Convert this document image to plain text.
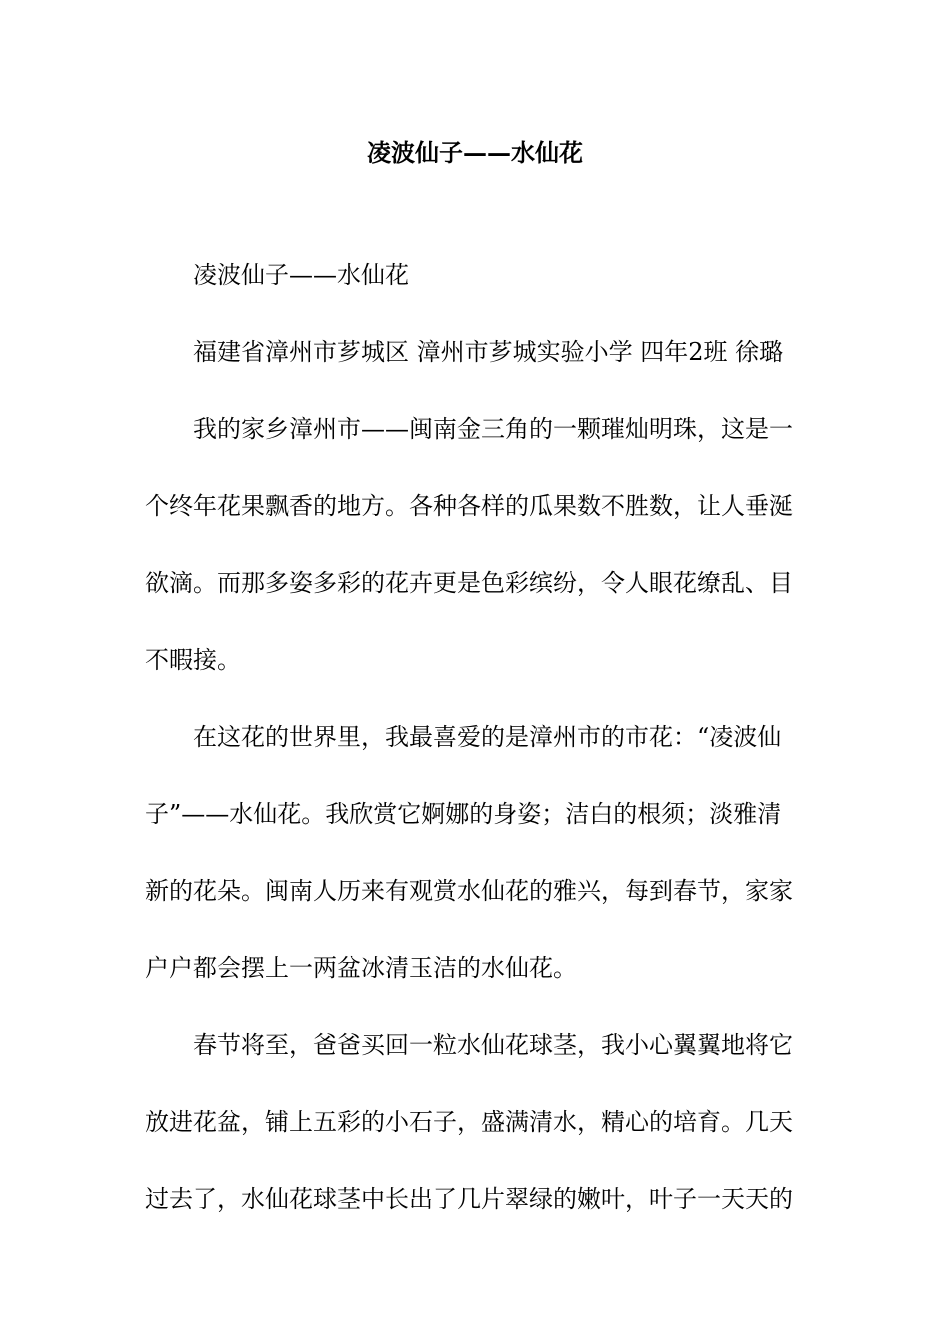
凌波仙子——水仙花
凌波仙子——水仙花
福建省漳州市芗城区 漳州市芗城实验小学 四年2班 徐璐
我的家乡漳州市——闽南金三角的一颗璀灿明珠，这是一
个终年花果飘香的地方。各种各样的瓜果数不胜数，让人垂涎
欲滴。而那多姿多彩的花卉更是色彩缤纷，令人眼花缭乱、目
不暇接。
在这花的世界里，我最喜爱的是漳州市的市花：“凌波仙
子”——水仙花。我欣赏它婀娜的身姿；洁白的根须；淡雅清
新的花朵。闽南人历来有观赏水仙花的雅兴，每到春节，家家
户户都会摆上一两盆冰清玉洁的水仙花。
春节将至，爸爸买回一粒水仙花球茎，我小心翼翼地将它
放进花盆，铺上五彩的小石子，盛满清水，精心的培育。几天
过去了，水仙花球茎中长出了几片翠绿的嫩叶，叶子一天天的
